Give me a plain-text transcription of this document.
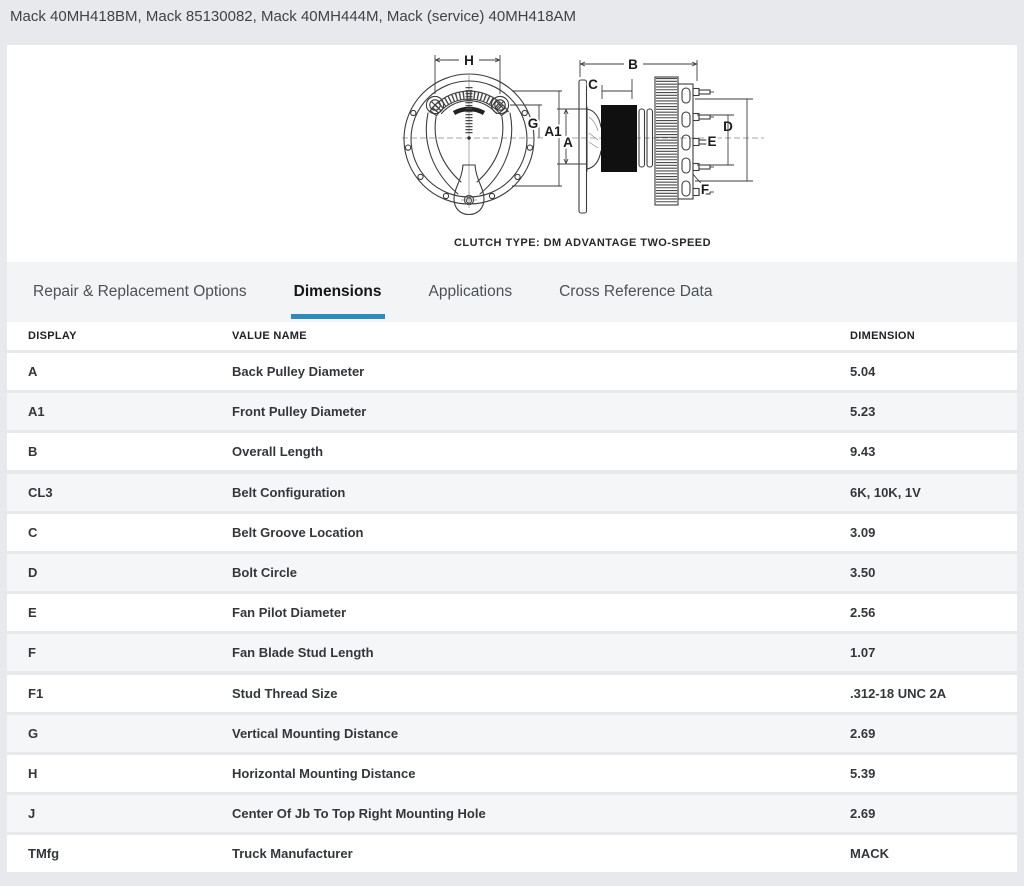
Mack 40MH418BM, Mack 85130082, Mack 40MH444M, Mack (service) 40MH418AM
H
G
A1
B
C
A
D
E
F
CLUTCH TYPE: DM ADVANTAGE TWO-SPEED
Repair & Replacement Options	Dimensions	Applications	Cross Reference Data
DISPLAY	VALUE NAME	DIMENSION
A	Back Pulley Diameter	5.04
A1	Front Pulley Diameter	5.23
B	Overall Length	9.43
CL3	Belt Configuration	6K, 10K, 1V
C	Belt Groove Location	3.09
D	Bolt Circle	3.50
E	Fan Pilot Diameter	2.56
F	Fan Blade Stud Length	1.07
F1	Stud Thread Size	.312-18 UNC 2A
G	Vertical Mounting Distance	2.69
H	Horizontal Mounting Distance	5.39
J	Center Of Jb To Top Right Mounting Hole	2.69
TMfg	Truck Manufacturer	MACK
